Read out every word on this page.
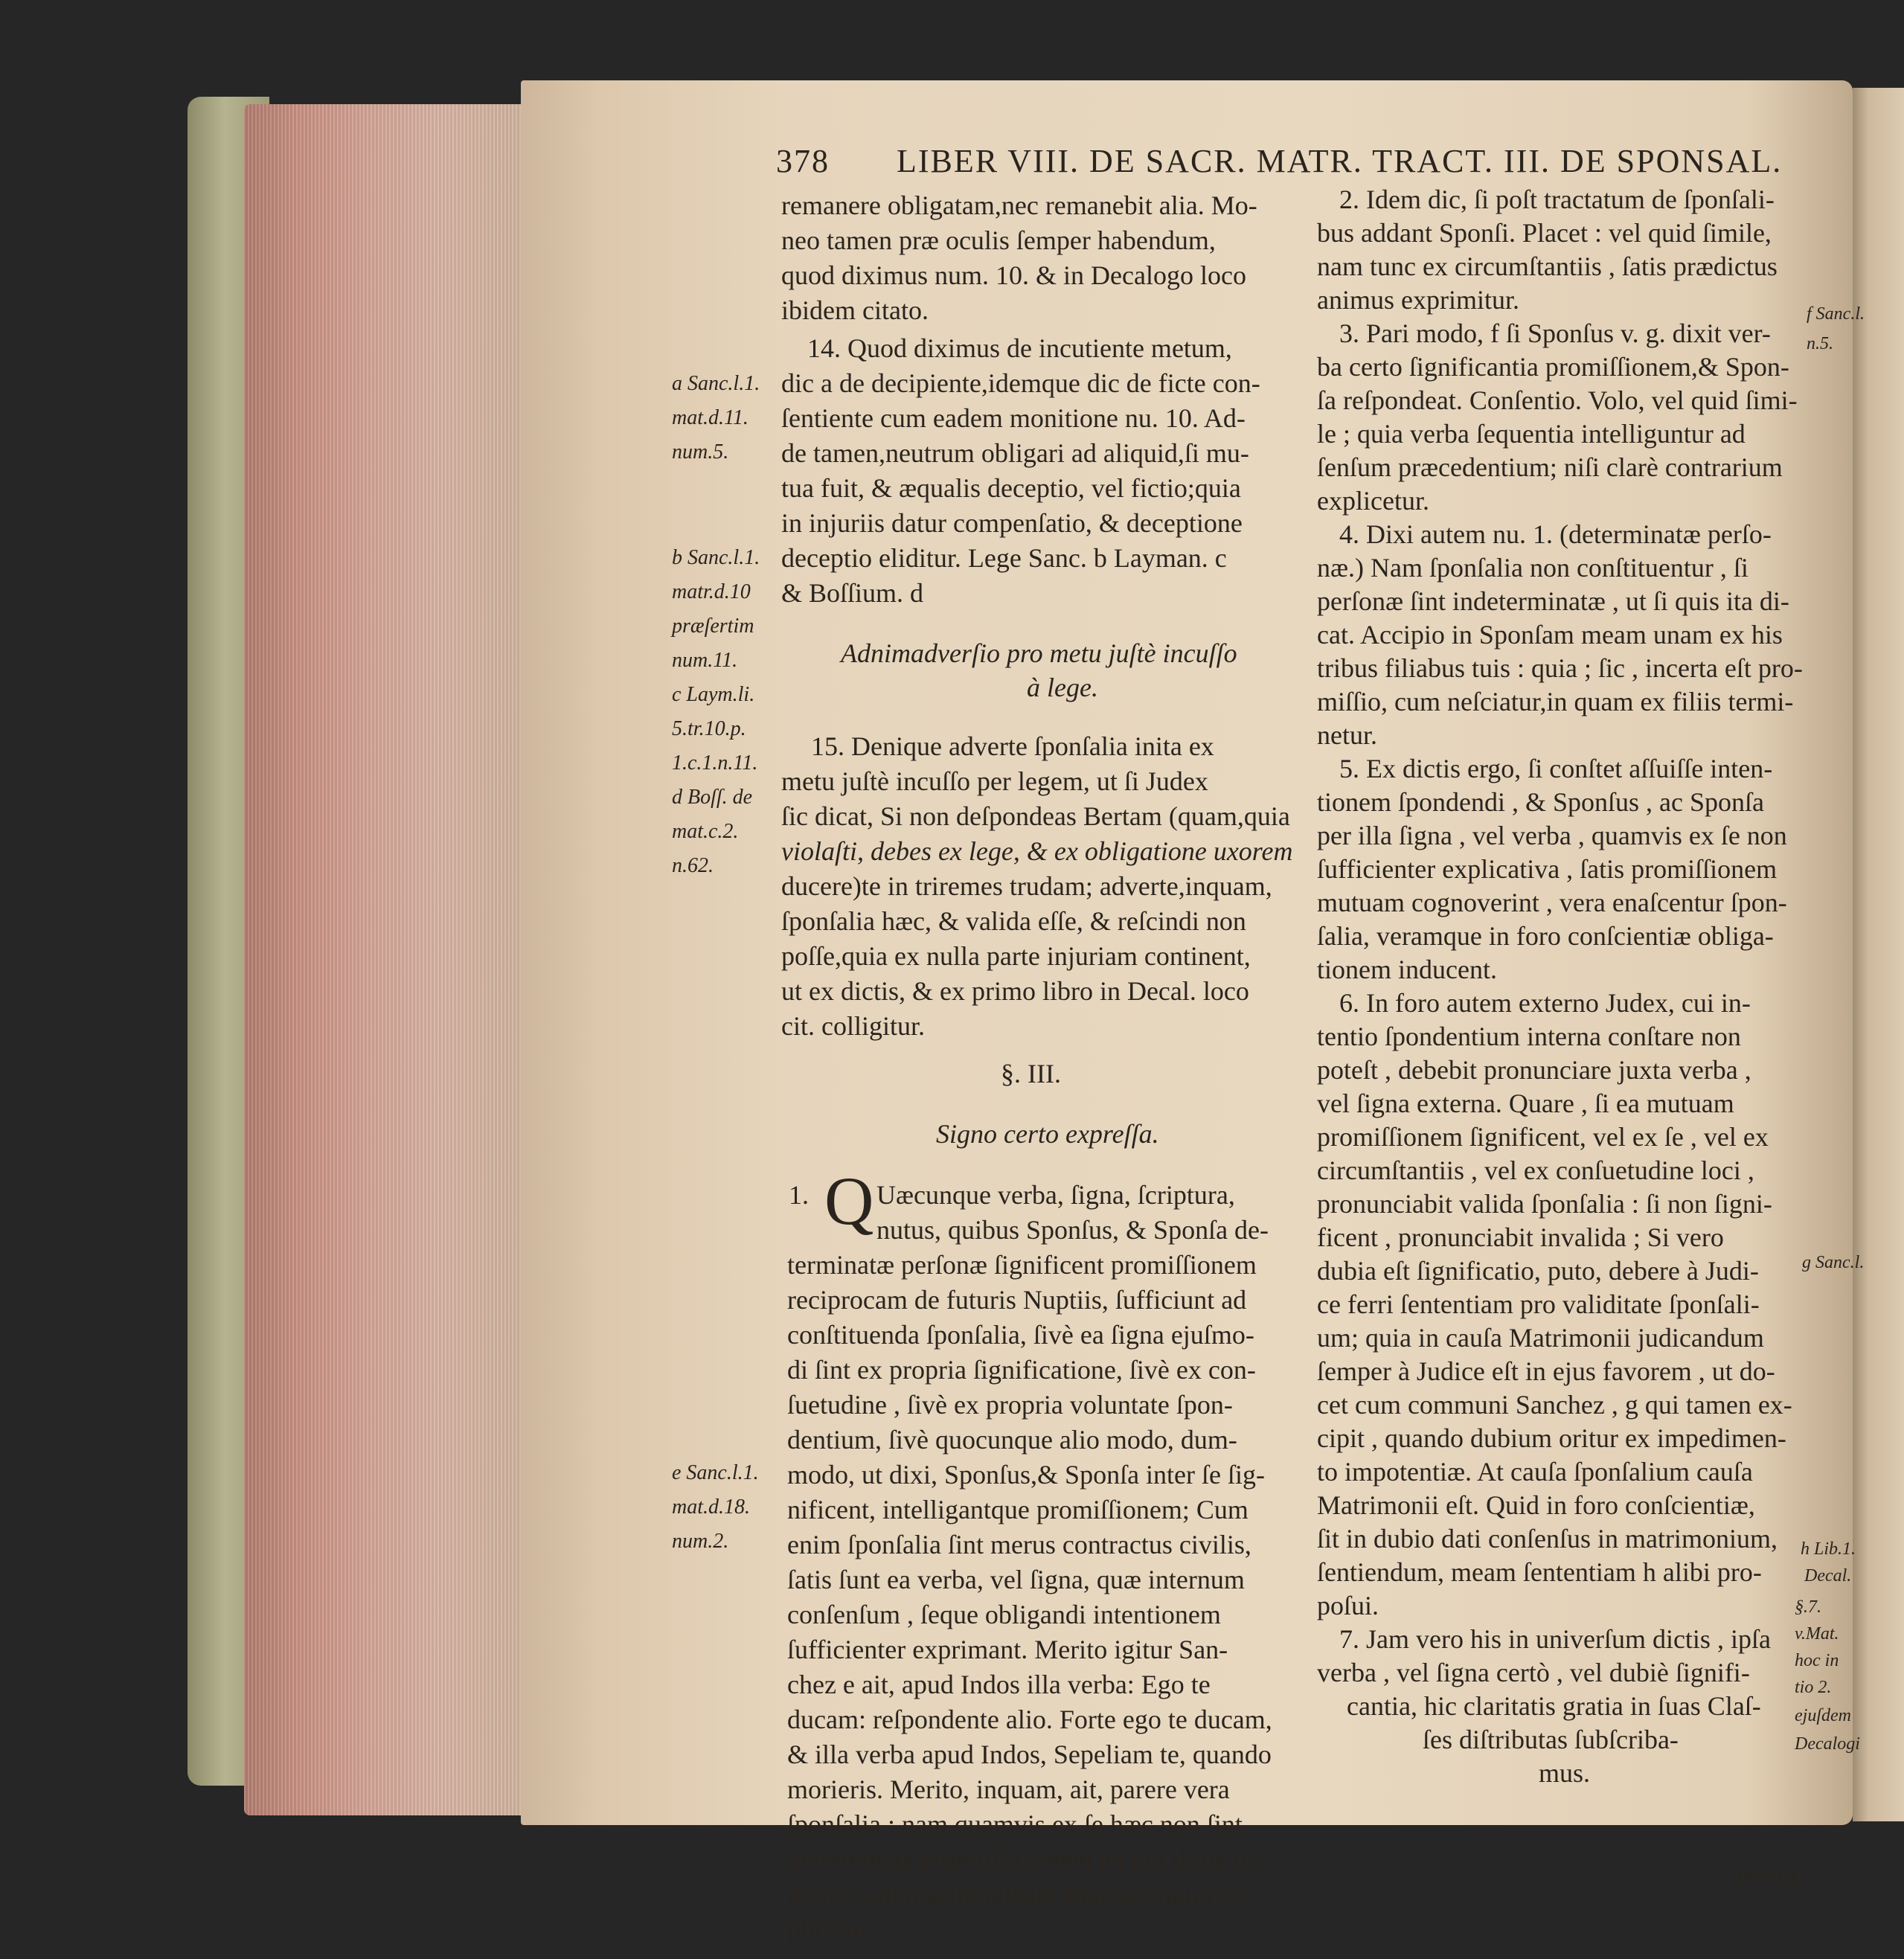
378 LIBER VIII. DE SACR. MATR. TRACT. III. DE SPONSAL.
remanere obligatam,nec remanebit alia. Mo-
neo tamen præ oculis ſemper habendum,
quod diximus num. 10. & in Decalogo loco
ibidem citato.
14. Quod diximus de incutiente metum,
dic a de decipiente,idemque dic de ficte con-
ſentiente cum eadem monitione nu. 10. Ad-
de tamen,neutrum obligari ad aliquid,ſi mu-
tua fuit, & æqualis deceptio, vel fictio;quia
in injuriis datur compenſatio, & deceptione
deceptio eliditur. Lege Sanc. b Layman. c
& Boſſium. d
Adnimadverſio pro metu juſtè incuſſo
à lege.
15. Denique adverte ſponſalia inita ex
metu juſtè incuſſo per legem, ut ſi Judex
ſic dicat, Si non deſpondeas Bertam (quam,quia
violaſti, debes ex lege, & ex obligatione uxorem
ducere)te in triremes trudam; adverte,inquam,
ſponſalia hæc, & valida eſſe, & reſcindi non
poſſe,quia ex nulla parte injuriam continent,
ut ex dictis, & ex primo libro in Decal. loco
cit. colligitur.
§. III.
Signo certo expreſſa.
1. Q Uæcunque verba, ſigna, ſcriptura,
nutus, quibus Sponſus, & Sponſa de-
terminatæ perſonæ ſignificent promiſſionem
reciprocam de futuris Nuptiis, ſufficiunt ad
conſtituenda ſponſalia, ſivè ea ſigna ejuſmo-
di ſint ex propria ſignificatione, ſivè ex con-
ſuetudine , ſivè ex propria voluntate ſpon-
dentium, ſivè quocunque alio modo, dum-
modo, ut dixi, Sponſus,& Sponſa inter ſe ſig-
nificent, intelligantque promiſſionem; Cum
enim ſponſalia ſint merus contractus civilis,
ſatis ſunt ea verba, vel ſigna, quæ internum
conſenſum , ſeque obligandi intentionem
ſufficienter exprimant. Merito igitur San-
chez e ait, apud Indos illa verba: Ego te
ducam: reſpondente alio. Forte ego te ducam,
& illa verba apud Indos, Sepeliam te, quando
morieris. Merito, inquam, ait, parere vera
ſponſalia ; nam quamvis ex ſe hæc non ſint
determinata promiſſio,tamen ex uſu illius re-
gionis, animus ſpondendi Matrimonium ex-
plicatur.
a Sanc.l.1.
mat.d.11.
num.5.
b Sanc.l.1.
matr.d.10
præſertim
num.11.
c Laym.li.
5.tr.10.p.
1.c.1.n.11.
d Boſſ. de
mat.c.2.
n.62.
e Sanc.l.1.
mat.d.18.
num.2.
2. Idem dic, ſi poſt tractatum de ſponſali-
bus addant Sponſi. Placet : vel quid ſimile,
nam tunc ex circumſtantiis , ſatis prædictus
animus exprimitur.
3. Pari modo, f ſi Sponſus v. g. dixit ver-
ba certo ſignificantia promiſſionem,& Spon-
ſa reſpondeat. Conſentio. Volo, vel quid ſimi-
le ; quia verba ſequentia intelliguntur ad
ſenſum præcedentium; niſi clarè contrarium
explicetur.
4. Dixi autem nu. 1. (determinatæ perſo-
næ.) Nam ſponſalia non conſtituentur , ſi
perſonæ ſint indeterminatæ , ut ſi quis ita di-
cat. Accipio in Sponſam meam unam ex his
tribus filiabus tuis : quia ; ſic , incerta eſt pro-
miſſio, cum neſciatur,in quam ex filiis termi-
netur.
5. Ex dictis ergo, ſi conſtet aſſuiſſe inten-
tionem ſpondendi , & Sponſus , ac Sponſa
per illa ſigna , vel verba , quamvis ex ſe non
ſufficienter explicativa , ſatis promiſſionem
mutuam cognoverint , vera enaſcentur ſpon-
ſalia, veramque in foro conſcientiæ obliga-
tionem inducent.
6. In foro autem externo Judex, cui in-
tentio ſpondentium interna conſtare non
poteſt , debebit pronunciare juxta verba ,
vel ſigna externa. Quare , ſi ea mutuam
promiſſionem ſignificent, vel ex ſe , vel ex
circumſtantiis , vel ex conſuetudine loci ,
pronunciabit valida ſponſalia : ſi non ſigni-
ficent , pronunciabit invalida ; Si vero
dubia eſt ſignificatio, puto, debere à Judi-
ce ferri ſententiam pro validitate ſponſali-
um; quia in cauſa Matrimonii judicandum
ſemper à Judice eſt in ejus favorem , ut do-
cet cum communi Sanchez , g qui tamen ex-
cipit , quando dubium oritur ex impedimen-
to impotentiæ. At cauſa ſponſalium cauſa
Matrimonii eſt. Quid in foro conſcientiæ,
ſit in dubio dati conſenſus in matrimonium,
ſentiendum, meam ſententiam h alibi pro-
poſui.
7. Jam vero his in univerſum dictis , ipſa
verba , vel ſigna certò , vel dubiè ſignifi-
cantia, hic claritatis gratia in ſuas Claſ-
ſes diſtributas ſubſcriba-
mus.
Verba,
f Sanc.l.
n.5.
g Sanc.l.
h Lib.1.
Decal.
§.7.
v.Mat.
hoc in
tio 2.
ejuſdem
Decalogi
